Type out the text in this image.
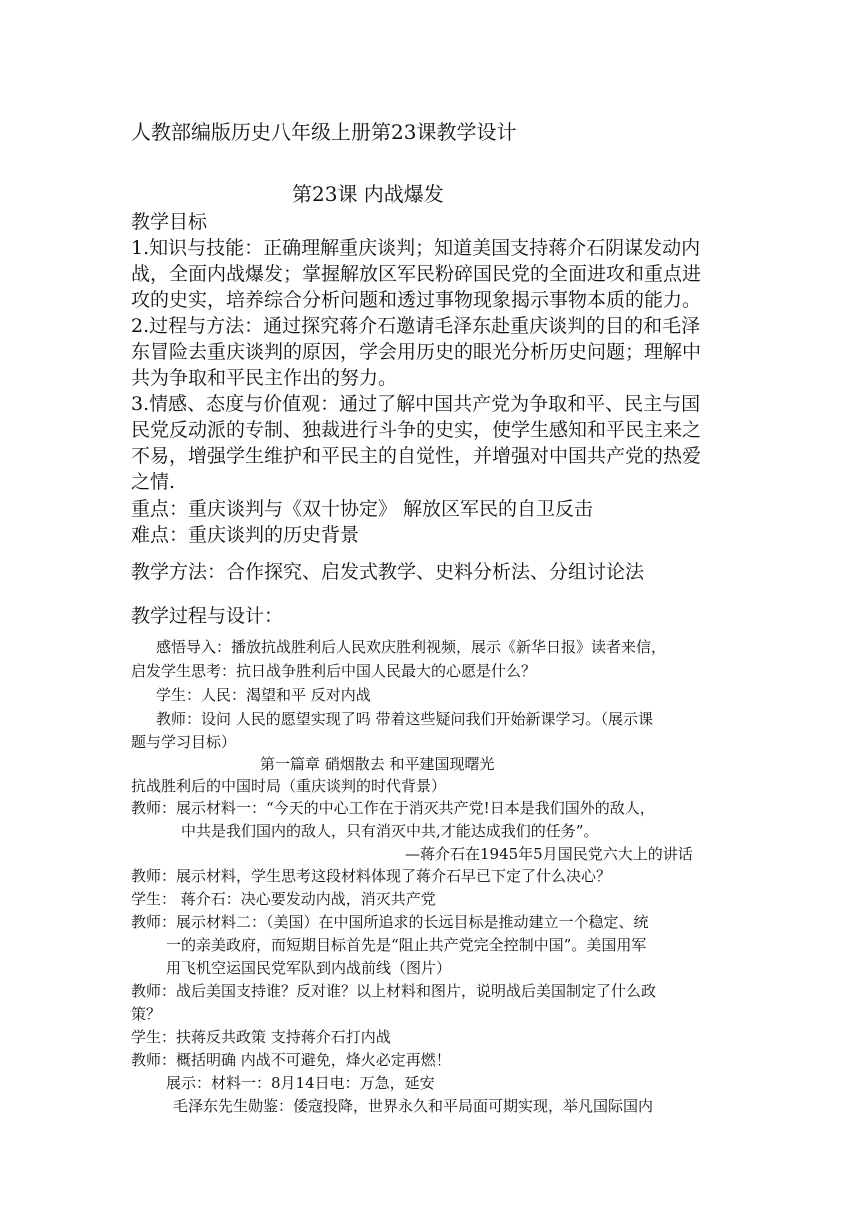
人教部编版历史八年级上册第23课教学设计
第23课 内战爆发
教学目标
1.知识与技能：正确理解重庆谈判；知道美国支持蒋介石阴谋发动内
战，全面内战爆发；掌握解放区军民粉碎国民党的全面进攻和重点进
攻的史实，培养综合分析问题和透过事物现象揭示事物本质的能力。
2.过程与方法：通过探究蒋介石邀请毛泽东赴重庆谈判的目的和毛泽
东冒险去重庆谈判的原因，学会用历史的眼光分析历史问题；理解中
共为争取和平民主作出的努力。
3.情感、态度与价值观：通过了解中国共产党为争取和平、民主与国
民党反动派的专制、独裁进行斗争的史实，使学生感知和平民主来之
不易，增强学生维护和平民主的自觉性，并增强对中国共产党的热爱
之情.
重点：重庆谈判与《双十协定》 解放区军民的自卫反击
难点：重庆谈判的历史背景
教学方法：合作探究、启发式教学、史料分析法、分组讨论法
教学过程与设计：
感悟导入：播放抗战胜利后人民欢庆胜利视频，展示《新华日报》读者来信，
启发学生思考：抗日战争胜利后中国人民最大的心愿是什么？
学生：人民：渴望和平 反对内战
教师：设问 人民的愿望实现了吗 带着这些疑问我们开始新课学习。（展示课
题与学习目标）
第一篇章 硝烟散去 和平建国现曙光
抗战胜利后的中国时局（重庆谈判的时代背景）
教师：展示材料一：“今天的中心工作在于消灭共产党!日本是我们国外的敌人，
中共是我们国内的敌人，只有消灭中共,才能达成我们的任务”。
—蒋介石在1945年5月国民党六大上的讲话
教师：展示材料，学生思考这段材料体现了蒋介石早已下定了什么决心？
学生： 蒋介石：决心要发动内战，消灭共产党
教师：展示材料二：（美国）在中国所追求的长远目标是推动建立一个稳定、统
一的亲美政府，而短期目标首先是“阻止共产党完全控制中国”。美国用军
用飞机空运国民党军队到内战前线（图片）
教师：战后美国支持谁？反对谁？以上材料和图片，说明战后美国制定了什么政
策？
学生：扶蒋反共政策 支持蒋介石打内战
教师：概括明确 内战不可避免，烽火必定再燃！
展示：材料一：8月14日电：万急，延安
毛泽东先生勋鉴：倭寇投降，世界永久和平局面可期实现，举凡国际国内
